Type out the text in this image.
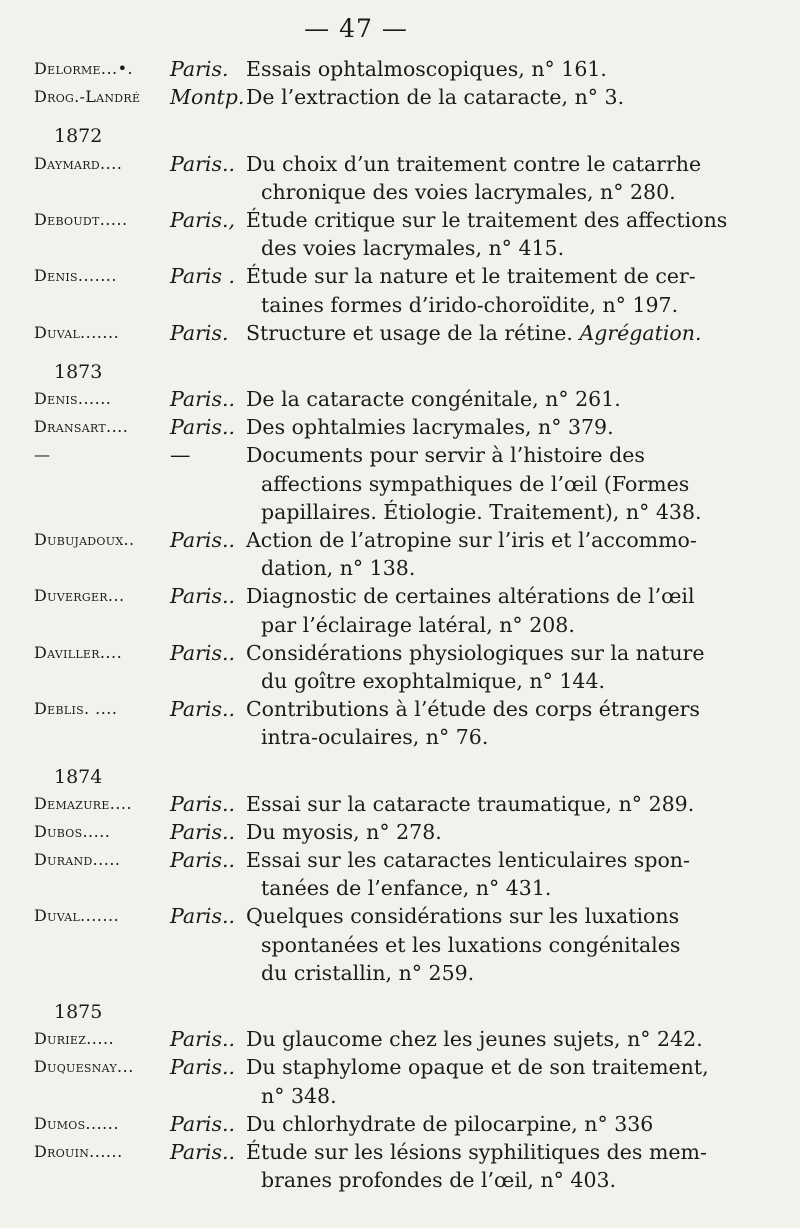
— 47 —
Delorme...•.	Paris. Essais ophtalmoscopiques, n° 161.
Drog.-Landré	Montp. De l’extraction de la cataracte, n° 3.
1872
Daymard....	Paris.. Du choix d’un traitement contre le catarrhe
chronique des voies lacrymales, n° 280.
Deboudt.....	Paris., Étude critique sur le traitement des affections
des voies lacrymales, n° 415.
Denis.......	Paris . Étude sur la nature et le traitement de cer-
taines formes d’irido-choroïdite, n° 197.
Duval.......	Paris. Structure et usage de la rétine. Agrégation.
1873
Denis......	Paris.. De la cataracte congénitale, n° 261.
Dransart....	Paris.. Des ophtalmies lacrymales, n° 379.
—	—	Documents pour servir à l’histoire des
affections sympathiques de l’œil (Formes
papillaires. Étiologie. Traitement), n° 438.
Dubujadoux..	Paris.. Action de l’atropine sur l’iris et l’accommo-
dation, n° 138.
Duverger...	Paris.. Diagnostic de certaines altérations de l’œil
par l’éclairage latéral, n° 208.
Daviller....	Paris.. Considérations physiologiques sur la nature
du goître exophtalmique, n° 144.
Deblis. ....	Paris.. Contributions à l’étude des corps étrangers
intra-oculaires, n° 76.
1874
Demazure....	Paris.. Essai sur la cataracte traumatique, n° 289.
Dubos.....	Paris.. Du myosis, n° 278.
Durand.....	Paris.. Essai sur les cataractes lenticulaires spon-
tanées de l’enfance, n° 431.
Duval.......	Paris.. Quelques considérations sur les luxations
spontanées et les luxations congénitales
du cristallin, n° 259.
1875
Duriez.....	Paris.. Du glaucome chez les jeunes sujets, n° 242.
Duquesnay...	Paris.. Du staphylome opaque et de son traitement,
n° 348.
Dumos......	Paris.. Du chlorhydrate de pilocarpine, n° 336
Drouin......	Paris.. Étude sur les lésions syphilitiques des mem-
branes profondes de l’œil, n° 403.
